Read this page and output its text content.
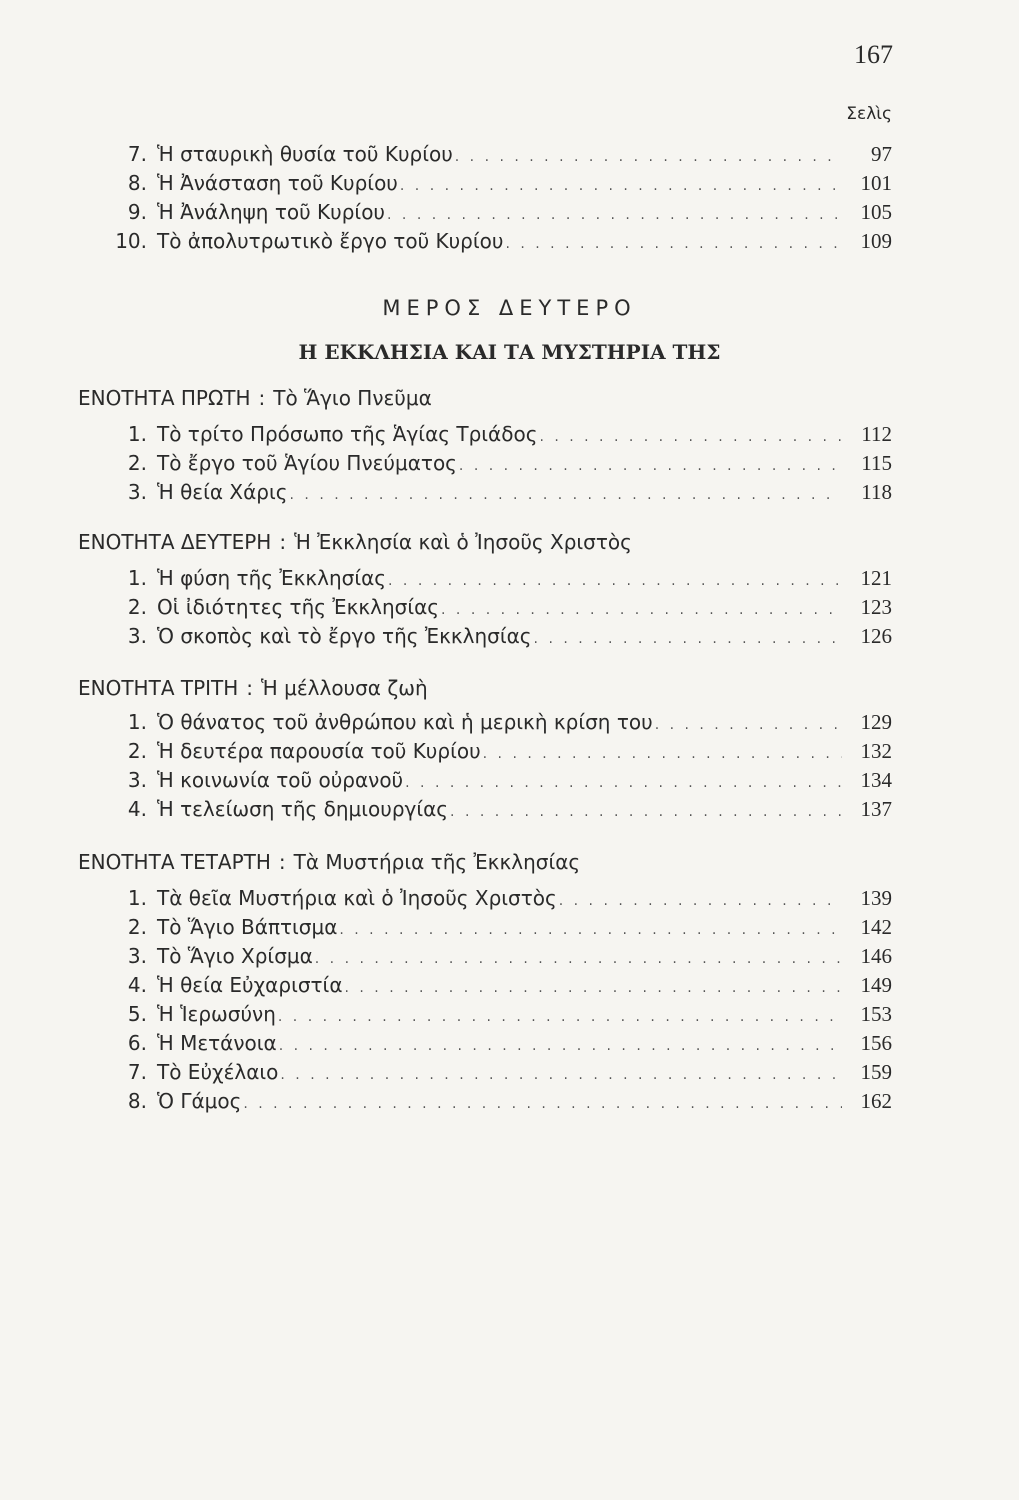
167
Σελὶς
7. Ἡ σταυρικὴ θυσία τοῦ Κυρίου . . .	97
8. Ἡ Ἀνάσταση τοῦ Κυρίου . . .	101
9. Ἡ Ἀνάληψη τοῦ Κυρίου . . .	105
10. Τὸ ἀπολυτρωτικὸ ἔργο τοῦ Κυρίου . . .	109
ΜΕΡΟΣ ΔΕΥΤΕΡΟ
Η ΕΚΚΛΗΣΙΑ ΚΑΙ ΤΑ ΜΥΣΤΗΡΙΑ ΤΗΣ
ΕΝΟΤΗΤΑ ΠΡΩΤΗ : Τὸ Ἅγιο Πνεῦμα
1. Τὸ τρίτο Πρόσωπο τῆς Ἁγίας Τριάδος . . .	112
2. Τὸ ἔργο τοῦ Ἁγίου Πνεύματος . . .	115
3. Ἡ θεία Χάρις . . .	118
ΕΝΟΤΗΤΑ ΔΕΥΤΕΡΗ : Ἡ Ἐκκλησία καὶ ὁ Ἰησοῦς Χριστὸς
1. Ἡ φύση τῆς Ἐκκλησίας . . .	121
2. Οἱ ἰδιότητες τῆς Ἐκκλησίας . . .	123
3. Ὁ σκοπὸς καὶ τὸ ἔργο τῆς Ἐκκλησίας . . .	126
ΕΝΟΤΗΤΑ ΤΡΙΤΗ : Ἡ μέλλουσα ζωὴ
1. Ὁ θάνατος τοῦ ἀνθρώπου καὶ ἡ μερικὴ κρίση του . . .	129
2. Ἡ δευτέρα παρουσία τοῦ Κυρίου . . .	132
3. Ἡ κοινωνία τοῦ οὐρανοῦ . . .	134
4. Ἡ τελείωση τῆς δημιουργίας . . .	137
ΕΝΟΤΗΤΑ ΤΕΤΑΡΤΗ : Τὰ Μυστήρια τῆς Ἐκκλησίας
1. Τὰ θεῖα Μυστήρια καὶ ὁ Ἰησοῦς Χριστὸς . . .	139
2. Τὸ Ἅγιο Βάπτισμα . . .	142
3. Τὸ Ἅγιο Χρίσμα . . .	146
4. Ἡ θεία Εὐχαριστία . . .	149
5. Ἡ Ἱερωσύνη . . .	153
6. Ἡ Μετάνοια . . .	156
7. Τὸ Εὐχέλαιο . . .	159
8. Ὁ Γάμος . . .	162
